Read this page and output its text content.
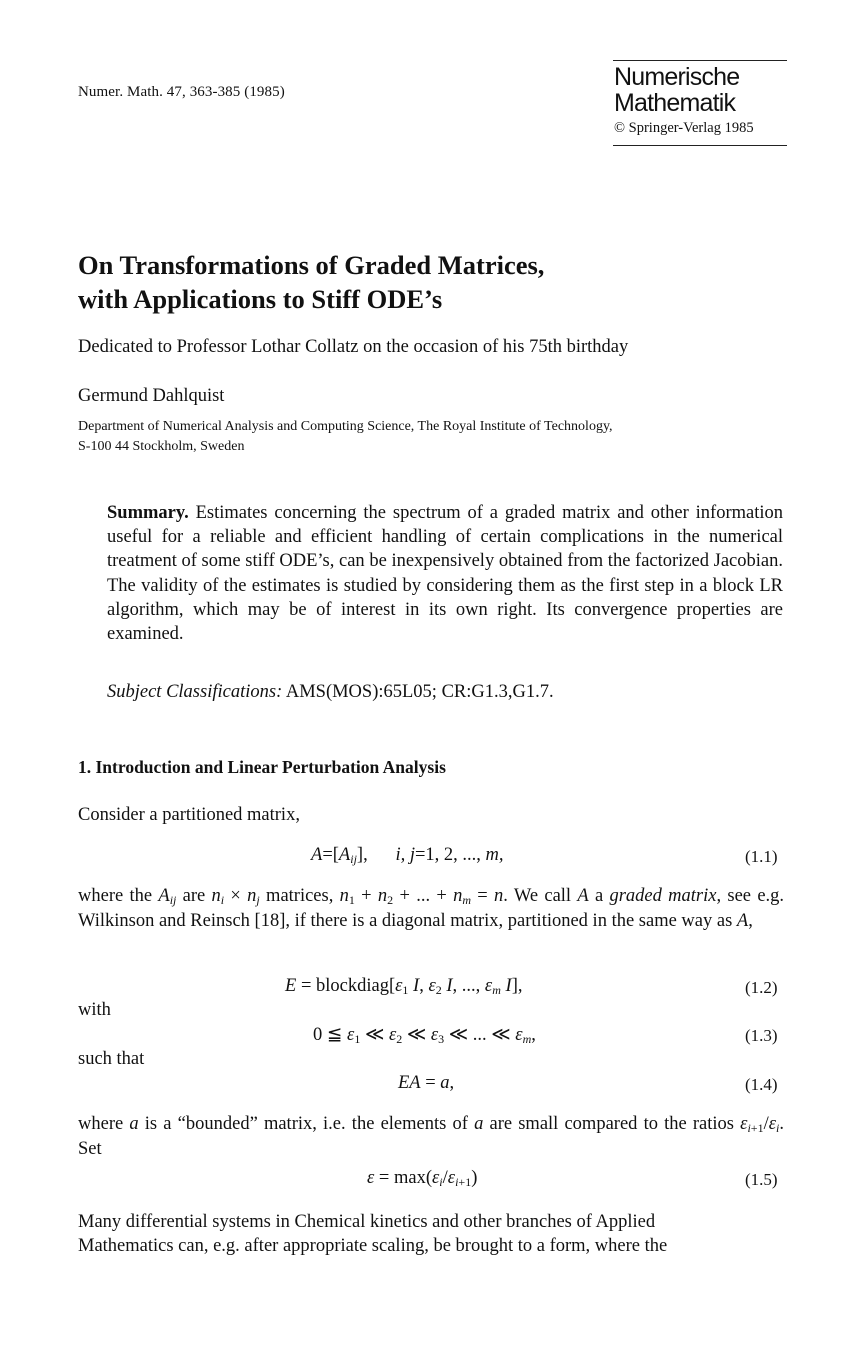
Numer. Math. 47, 363-385 (1985)
Numerische
Mathematik
© Springer-Verlag 1985
On Transformations of Graded Matrices,
with Applications to Stiff ODE’s
Dedicated to Professor Lothar Collatz on the occasion of his 75th birthday
Germund Dahlquist
Department of Numerical Analysis and Computing Science, The Royal Institute of Technology,
S-100 44 Stockholm, Sweden
Summary. Estimates concerning the spectrum of a graded matrix and other information useful for a reliable and efficient handling of certain complications in the numerical treatment of some stiff ODE’s, can be inexpensively obtained from the factorized Jacobian. The validity of the estimates is studied by considering them as the first step in a block LR algorithm, which may be of interest in its own right. Its convergence properties are examined.
Subject Classifications: AMS(MOS):65L05; CR:G1.3,G1.7.
1. Introduction and Linear Perturbation Analysis
Consider a partitioned matrix,
$A=[A_{ij}]$, i, j=1, 2, ..., m,	(1.1)
where the $A_{ij}$ are $n_i \times n_j$ matrices, $n_1 + n_2$ + ... + $n_m = n$. We call A a graded matrix, see e.g. Wilkinson and Reinsch [18], if there is a diagonal matrix, partitioned in the same way as A,
$E = blockdiag[\varepsilon_1$ I, $\varepsilon_2$ I, ..., $\varepsilon_m$ I],	(1.2)
with
0 ≦ $\varepsilon_1$ ≪ $\varepsilon_2$ ≪ $\varepsilon_3$ ≪ ... ≪ $\varepsilon_m$,	(1.3)
such that
EA = a,	(1.4)
where a is a “bounded” matrix, i.e. the elements of a are small compared to the ratios $\varepsilon_{i+1}/\varepsilon_i$. Set
$\varepsilon = \max(\varepsilon_i/\varepsilon_{i+1})$	(1.5)
Many differential systems in Chemical kinetics and other branches of Applied
Mathematics can, e.g. after appropriate scaling, be brought to a form, where the
